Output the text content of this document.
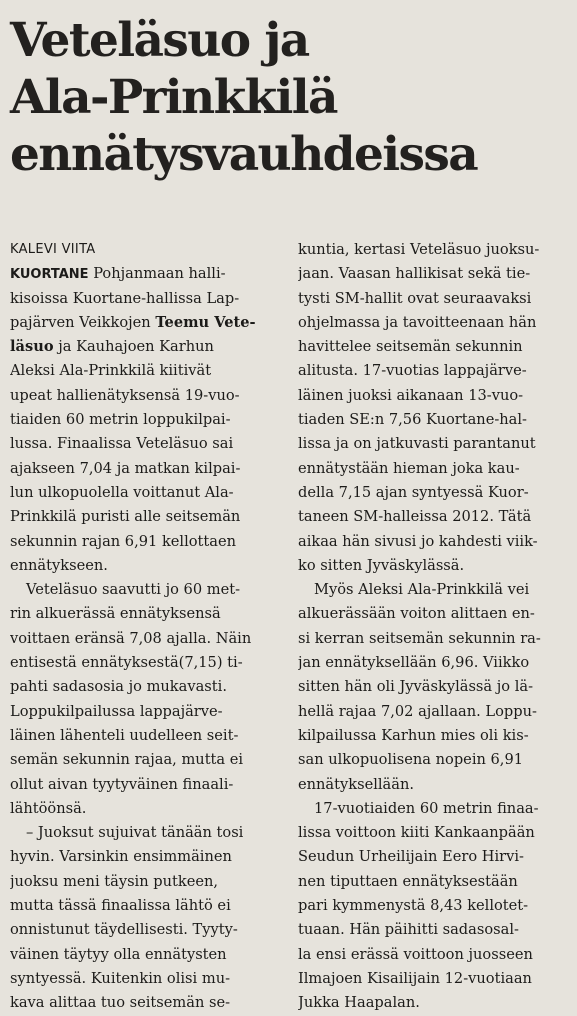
Veteläsuo ja
Ala-Prinkkilä
ennätysvauhdeissa
KALEVI VIITA
KUORTANE Pohjanmaan halli-
kisoissa Kuortane-hallissa Lap-
pajärven Veikkojen Teemu Vete-
läsuo ja Kauhajoen Karhun
Aleksi Ala-Prinkkilä kiitivät
upeat hallienätyksensä 19-vuo-
tiaiden 60 metrin loppukilpai-
lussa. Finaalissa Veteläsuo sai
ajakseen 7,04 ja matkan kilpai-
lun ulkopuolella voittanut Ala-
Prinkkilä puristi alle seitsemän
sekunnin rajan 6,91 kellottaen
ennätykseen.
Veteläsuo saavutti jo 60 met-
rin alkuerässä ennätyksensä
voittaen eränsä 7,08 ajalla. Näin
entisestä ennätyksestä(7,15) ti-
pahti sadasosia jo mukavasti.
Loppukilpailussa lappajärve-
läinen lähenteli uudelleen seit-
semän sekunnin rajaa, mutta ei
ollut aivan tyytyväinen finaali-
lähtöönsä.
– Juoksut sujuivat tänään tosi
hyvin. Varsinkin ensimmäinen
juoksu meni täysin putkeen,
mutta tässä finaalissa lähtö ei
onnistunut täydellisesti. Tyyty-
väinen täytyy olla ennätysten
syntyessä. Kuitenkin olisi mu-
kava alittaa tuo seitsemän se-
kuntia, kertasi Veteläsuo juoksu-
jaan. Vaasan hallikisat sekä tie-
tysti SM-hallit ovat seuraavaksi
ohjelmassa ja tavoitteenaan hän
havittelee seitsemän sekunnin
alitusta. 17-vuotias lappajärve-
läinen juoksi aikanaan 13-vuo-
tiaden SE:n 7,56 Kuortane-hal-
lissa ja on jatkuvasti parantanut
ennätystään hieman joka kau-
della 7,15 ajan syntyessä Kuor-
taneen SM-halleissa 2012. Tätä
aikaa hän sivusi jo kahdesti viik-
ko sitten Jyväskylässä.
Myös Aleksi Ala-Prinkkilä vei
alkuerässään voiton alittaen en-
si kerran seitsemän sekunnin ra-
jan ennätyksellään 6,96. Viikko
sitten hän oli Jyväskylässä jo lä-
hellä rajaa 7,02 ajallaan. Loppu-
kilpailussa Karhun mies oli kis-
san ulkopuolisena nopein 6,91
ennätyksellään.
17-vuotiaiden 60 metrin finaa-
lissa voittoon kiiti Kankaanpään
Seudun Urheilijain Eero Hirvi-
nen tiputtaen ennätyksestään
pari kymmenystä 8,43 kellotet-
tuaan. Hän päihitti sadasosal-
la ensi erässä voittoon juosseen
Ilmajoen Kisailijain 12-vuotiaan
Jukka Haapalan.
